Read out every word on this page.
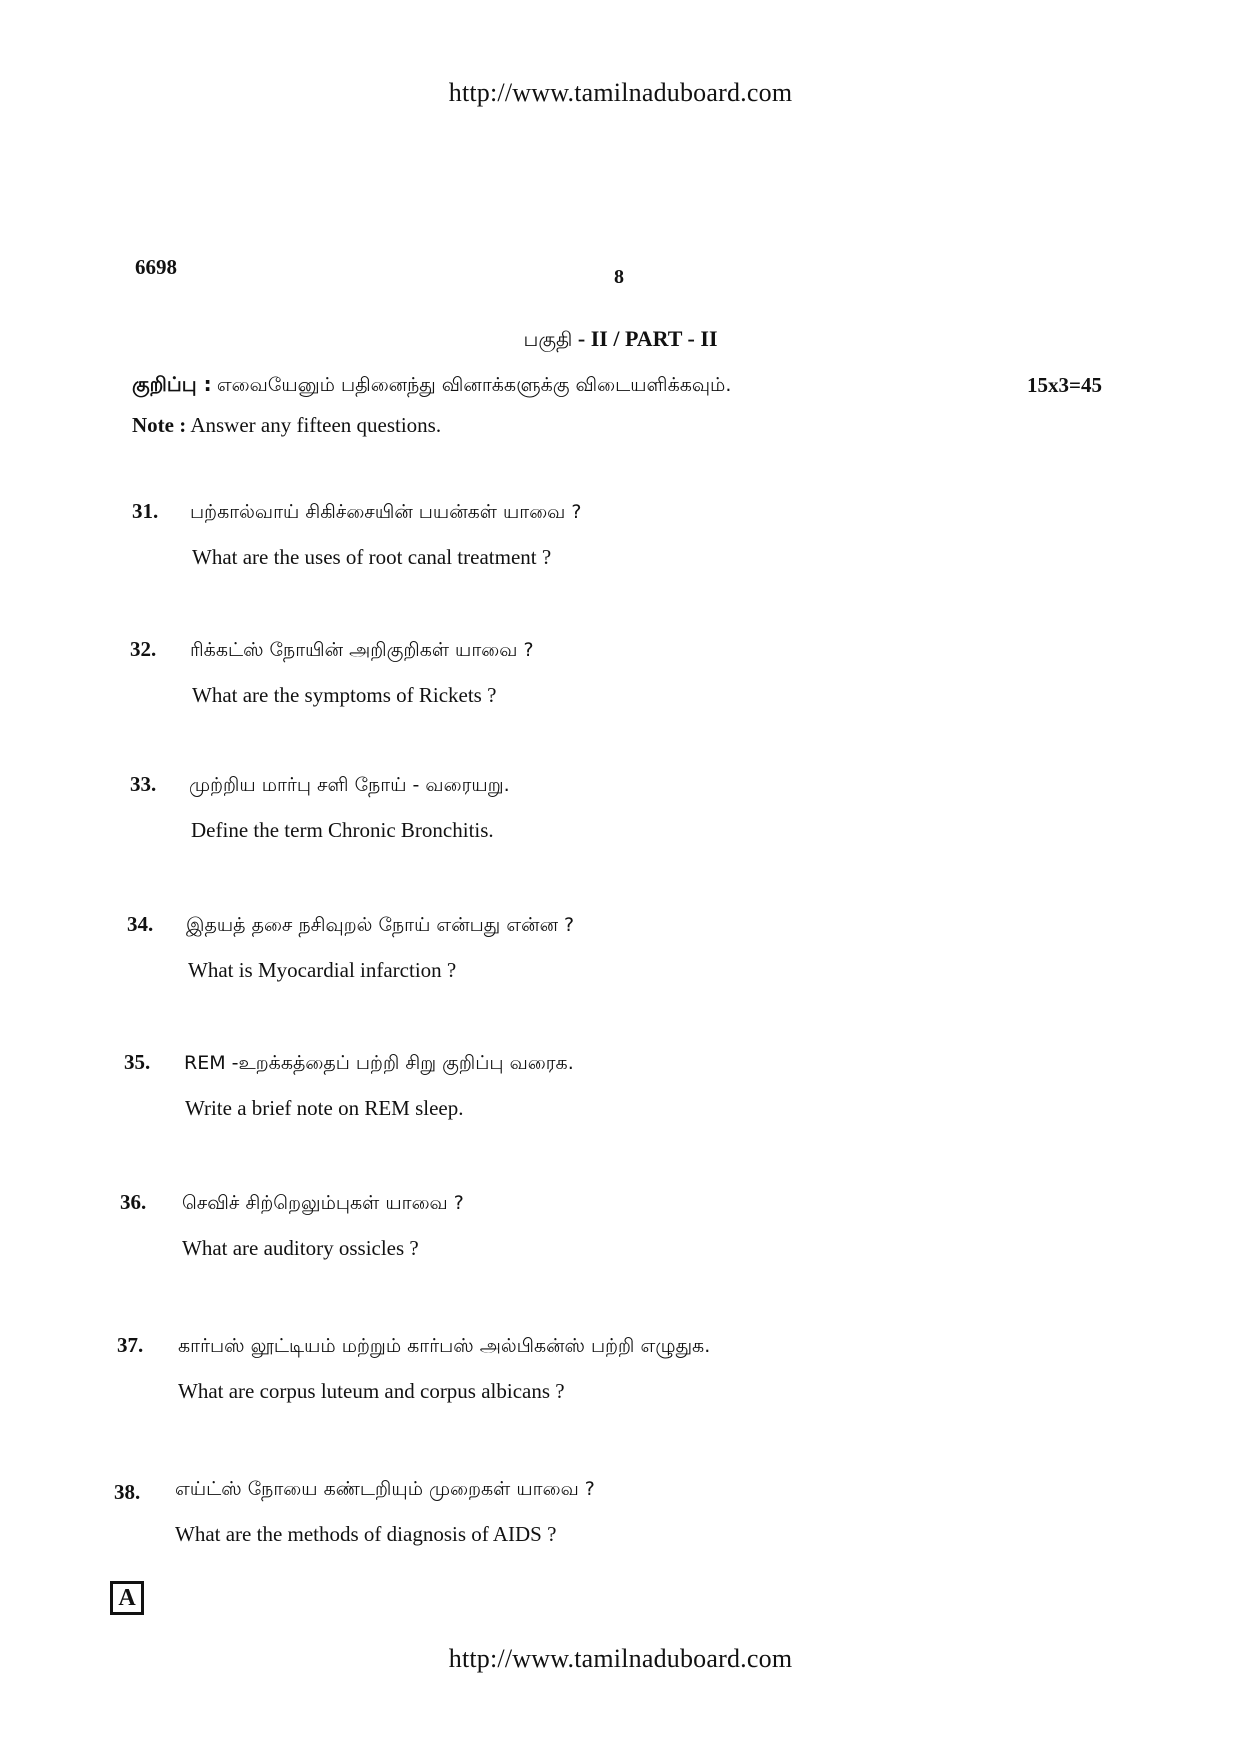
http://www.tamilnaduboard.com
6698	8
பகுதி - II / PART - II
குறிப்பு : எவையேனும் பதினைந்து வினாக்களுக்கு விடையளிக்கவும்.	15x3=45
Note : Answer any fifteen questions.
31. பற்கால்வாய் சிகிச்சையின் பயன்கள் யாவை ?
What are the uses of root canal treatment ?
32. ரிக்கட்ஸ் நோயின் அறிகுறிகள் யாவை ?
What are the symptoms of Rickets ?
33. முற்றிய மார்பு சளி நோய் - வரையறு.
Define the term Chronic Bronchitis.
34. இதயத் தசை நசிவுறல் நோய் என்பது என்ன ?
What is Myocardial infarction ?
35. REM -உறக்கத்தைப் பற்றி சிறு குறிப்பு வரைக.
Write a brief note on REM sleep.
36. செவிச் சிற்றெலும்புகள் யாவை ?
What are auditory ossicles ?
37. கார்பஸ் லூட்டியம் மற்றும் கார்பஸ் அல்பிகன்ஸ் பற்றி எழுதுக.
What are corpus luteum and corpus albicans ?
38. எய்ட்ஸ் நோயை கண்டறியும் முறைகள் யாவை ?
What are the methods of diagnosis of AIDS ?
A
http://www.tamilnaduboard.com
